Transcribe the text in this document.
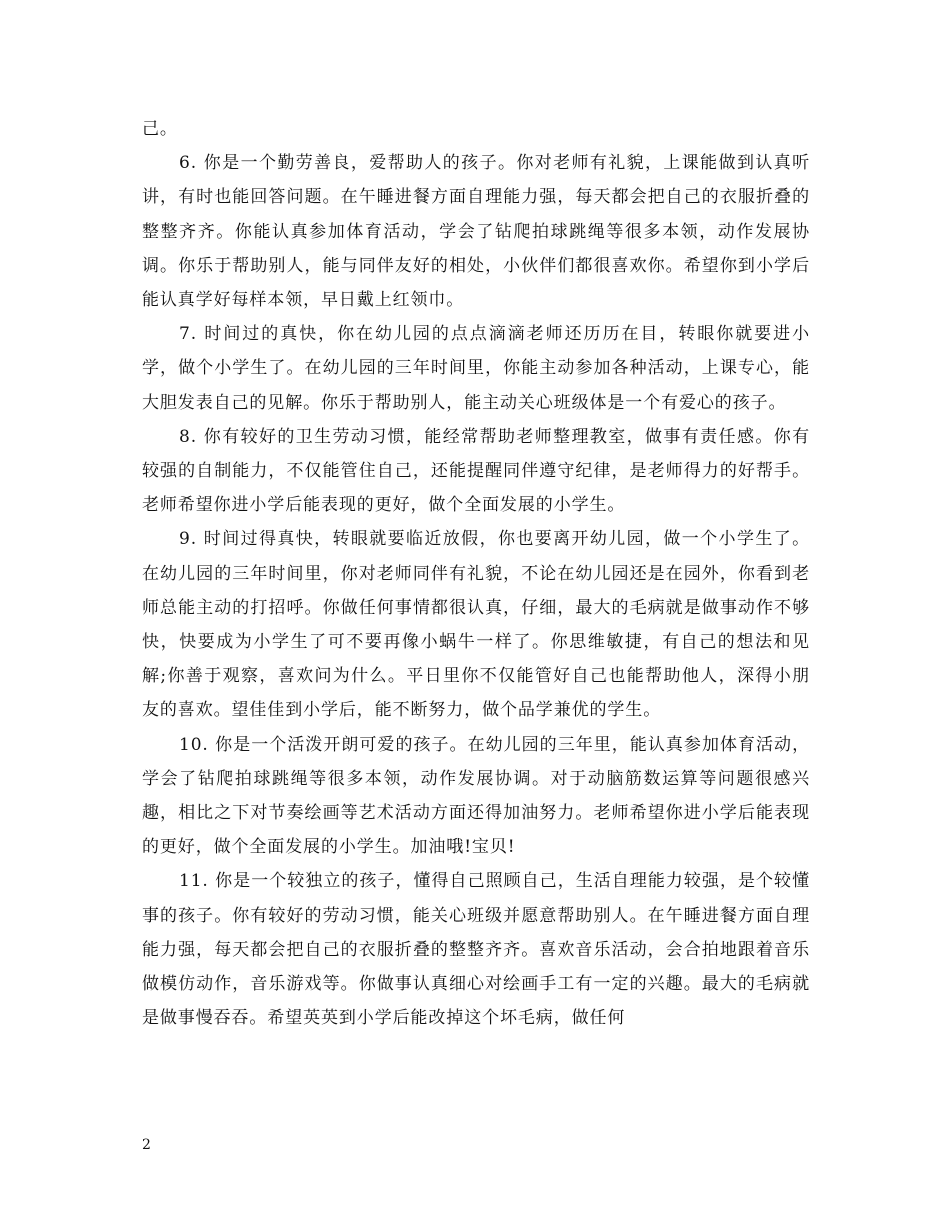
己。

6. 你是一个勤劳善良，爱帮助人的孩子。你对老师有礼貌，上课能做到认真听讲，有时也能回答问题。在午睡进餐方面自理能力强，每天都会把自己的衣服折叠的整整齐齐。你能认真参加体育活动，学会了钻爬拍球跳绳等很多本领，动作发展协调。你乐于帮助别人，能与同伴友好的相处，小伙伴们都很喜欢你。希望你到小学后能认真学好每样本领，早日戴上红领巾。

7. 时间过的真快，你在幼儿园的点点滴滴老师还历历在目，转眼你就要进小学，做个小学生了。在幼儿园的三年时间里，你能主动参加各种活动，上课专心，能大胆发表自己的见解。你乐于帮助别人，能主动关心班级体是一个有爱心的孩子。

8. 你有较好的卫生劳动习惯，能经常帮助老师整理教室，做事有责任感。你有较强的自制能力，不仅能管住自己，还能提醒同伴遵守纪律，是老师得力的好帮手。老师希望你进小学后能表现的更好，做个全面发展的小学生。

9. 时间过得真快，转眼就要临近放假，你也要离开幼儿园，做一个小学生了。在幼儿园的三年时间里，你对老师同伴有礼貌，不论在幼儿园还是在园外，你看到老师总能主动的打招呼。你做任何事情都很认真，仔细，最大的毛病就是做事动作不够快，快要成为小学生了可不要再像小蜗牛一样了。你思维敏捷，有自己的想法和见解;你善于观察，喜欢问为什么。平日里你不仅能管好自己也能帮助他人，深得小朋友的喜欢。望佳佳到小学后，能不断努力，做个品学兼优的学生。

10. 你是一个活泼开朗可爱的孩子。在幼儿园的三年里，能认真参加体育活动，学会了钻爬拍球跳绳等很多本领，动作发展协调。对于动脑筋数运算等问题很感兴趣，相比之下对节奏绘画等艺术活动方面还得加油努力。老师希望你进小学后能表现的更好，做个全面发展的小学生。加油哦!宝贝!

11. 你是一个较独立的孩子，懂得自己照顾自己，生活自理能力较强，是个较懂事的孩子。你有较好的劳动习惯，能关心班级并愿意帮助别人。在午睡进餐方面自理能力强，每天都会把自己的衣服折叠的整整齐齐。喜欢音乐活动，会合拍地跟着音乐做模仿动作，音乐游戏等。你做事认真细心对绘画手工有一定的兴趣。最大的毛病就是做事慢吞吞。希望英英到小学后能改掉这个坏毛病，做任何

2
